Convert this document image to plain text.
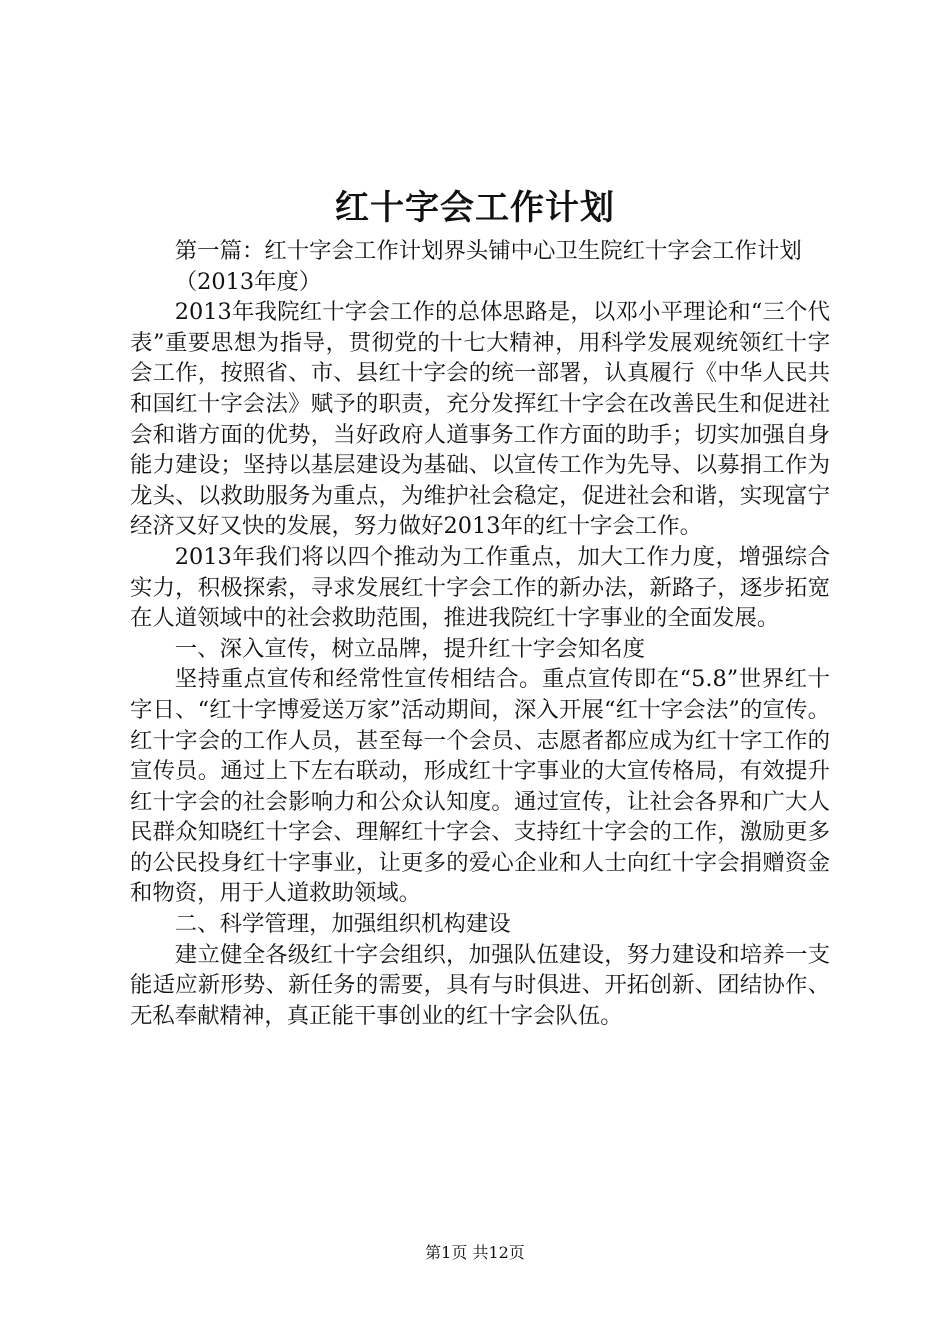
红十字会工作计划

第一篇：红十字会工作计划界头铺中心卫生院红十字会工作计划

（2013年度）

2013年我院红十字会工作的总体思路是，以邓小平理论和“三个代表”重要思想为指导，贯彻党的十七大精神，用科学发展观统领红十字会工作，按照省、市、县红十字会的统一部署，认真履行《中华人民共和国红十字会法》赋予的职责，充分发挥红十字会在改善民生和促进社会和谐方面的优势，当好政府人道事务工作方面的助手；切实加强自身能力建设；坚持以基层建设为基础、以宣传工作为先导、以募捐工作为龙头、以救助服务为重点，为维护社会稳定，促进社会和谐，实现富宁经济又好又快的发展，努力做好2013年的红十字会工作。

2013年我们将以四个推动为工作重点，加大工作力度，增强综合实力，积极探索，寻求发展红十字会工作的新办法，新路子，逐步拓宽在人道领域中的社会救助范围，推进我院红十字事业的全面发展。

一、深入宣传，树立品牌，提升红十字会知名度

坚持重点宣传和经常性宣传相结合。重点宣传即在“5.8”世界红十字日、“红十字博爱送万家”活动期间，深入开展“红十字会法”的宣传。红十字会的工作人员，甚至每一个会员、志愿者都应成为红十字工作的宣传员。通过上下左右联动，形成红十字事业的大宣传格局，有效提升红十字会的社会影响力和公众认知度。通过宣传，让社会各界和广大人民群众知晓红十字会、理解红十字会、支持红十字会的工作，激励更多的公民投身红十字事业，让更多的爱心企业和人士向红十字会捐赠资金和物资，用于人道救助领域。

二、科学管理，加强组织机构建设

建立健全各级红十字会组织，加强队伍建设，努力建设和培养一支能适应新形势、新任务的需要，具有与时俱进、开拓创新、团结协作、无私奉献精神，真正能干事创业的红十字会队伍。

第1页 共12页
